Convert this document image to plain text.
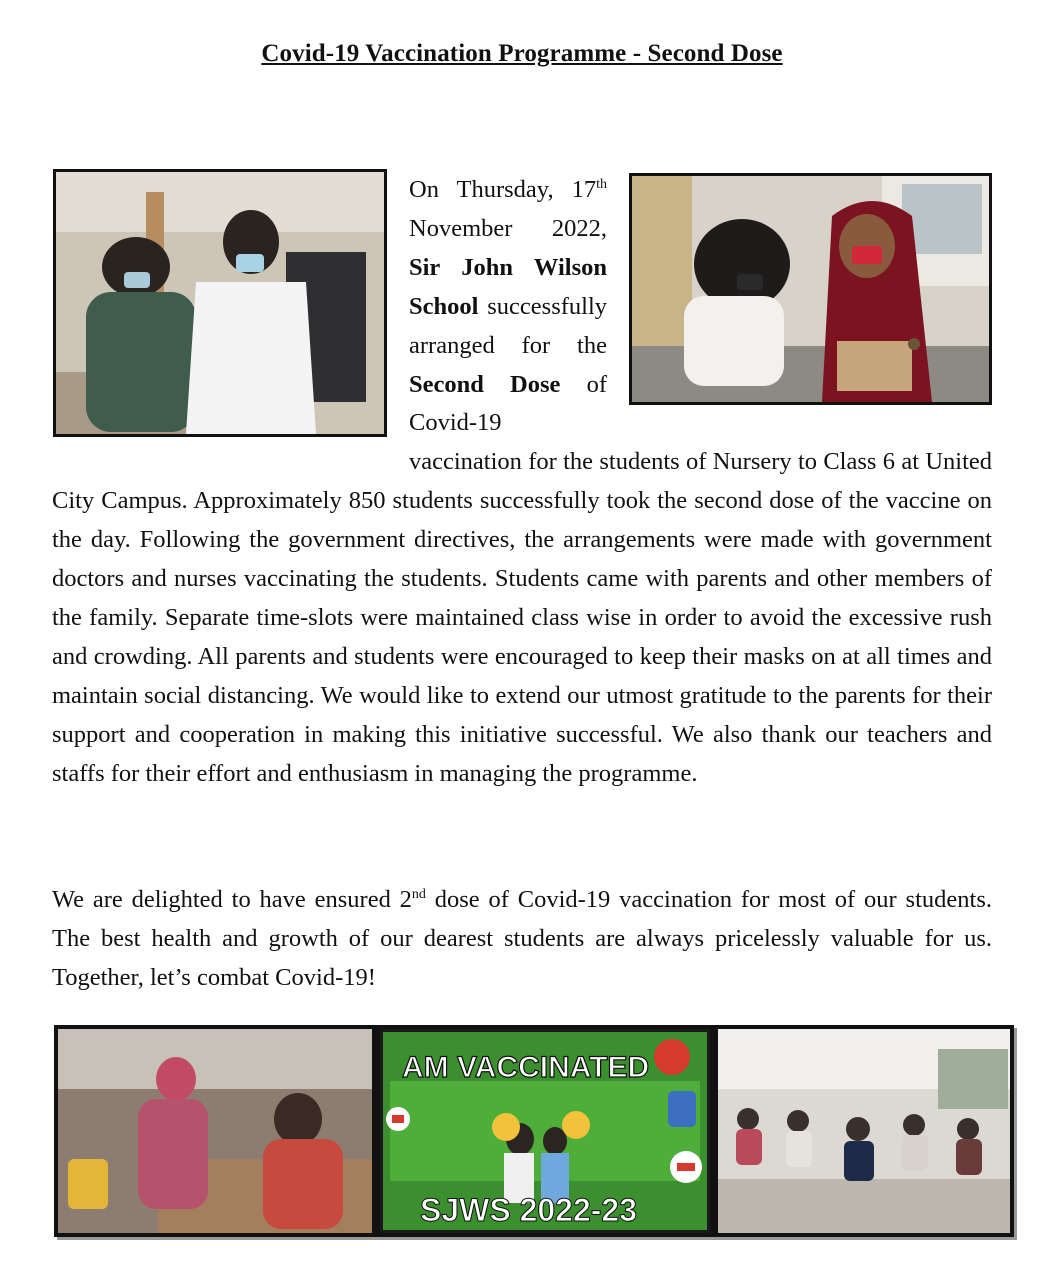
Covid-19 Vaccination Programme - Second Dose
On Thursday, 17th November 2022, Sir John Wilson School successfully arranged for the Second Dose of Covid-19 vaccination for the students of Nursery to Class 6 at United City Campus. Approximately 850 students successfully took the second dose of the vaccine on the day. Following the government directives, the arrangements were made with government doctors and nurses vaccinating the students. Students came with parents and other members of the family. Separate time-slots were maintained class wise in order to avoid the excessive rush and crowding. All parents and students were encouraged to keep their masks on at all times and maintain social distancing. We would like to extend our utmost gratitude to the parents for their support and cooperation in making this initiative successful. We also thank our teachers and staffs for their effort and enthusiasm in managing the programme.
We are delighted to have ensured 2nd dose of Covid-19 vaccination for most of our students. The best health and growth of our dearest students are always pricelessly valuable for us. Together, let’s combat Covid-19!
AM VACCINATED
SJWS 2022-23
